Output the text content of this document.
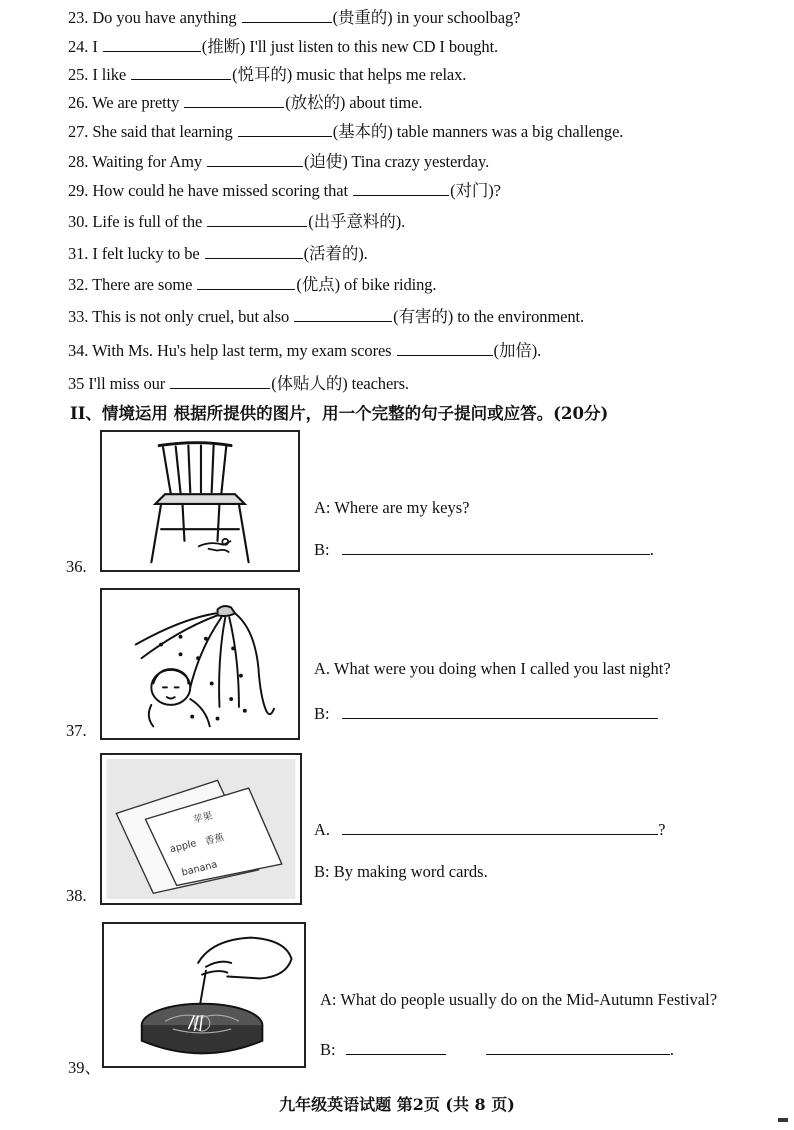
23. Do you have anything	(贵重的) in your schoolbag?
24. I	(推断) I'll just listen to this new CD I bought.
25. I like	(悦耳的) music that helps me relax.
26. We are pretty	(放松的) about time.
27. She said that learning	(基本的) table manners was a big challenge.
28. Waiting for Amy	(迫使) Tina crazy yesterday.
29. How could he have missed scoring that	(对门)?
30. Life is full of the	(出乎意料的).
31. I felt lucky to be	(活着的).
32. There are some	(优点) of bike riding.
33. This is not only cruel, but also	(有害的) to the environment.
34. With Ms. Hu's help last term, my exam scores	(加倍).
35 I'll miss our	(体贴人的) teachers.
II、情境运用 根据所提供的图片，用一个完整的句子提问或应答。(20分)
36.
A: Where are my keys?
B:	.
37.
A. What were you doing when I called you last night?
B:
苹果
apple 香蕉
banana
38.
A.	?
B: By making word cards.
39、
A: What do people usually do on the Mid-Autumn Festival?
B:	.
九年级英语试题 第2页 (共 8 页)
